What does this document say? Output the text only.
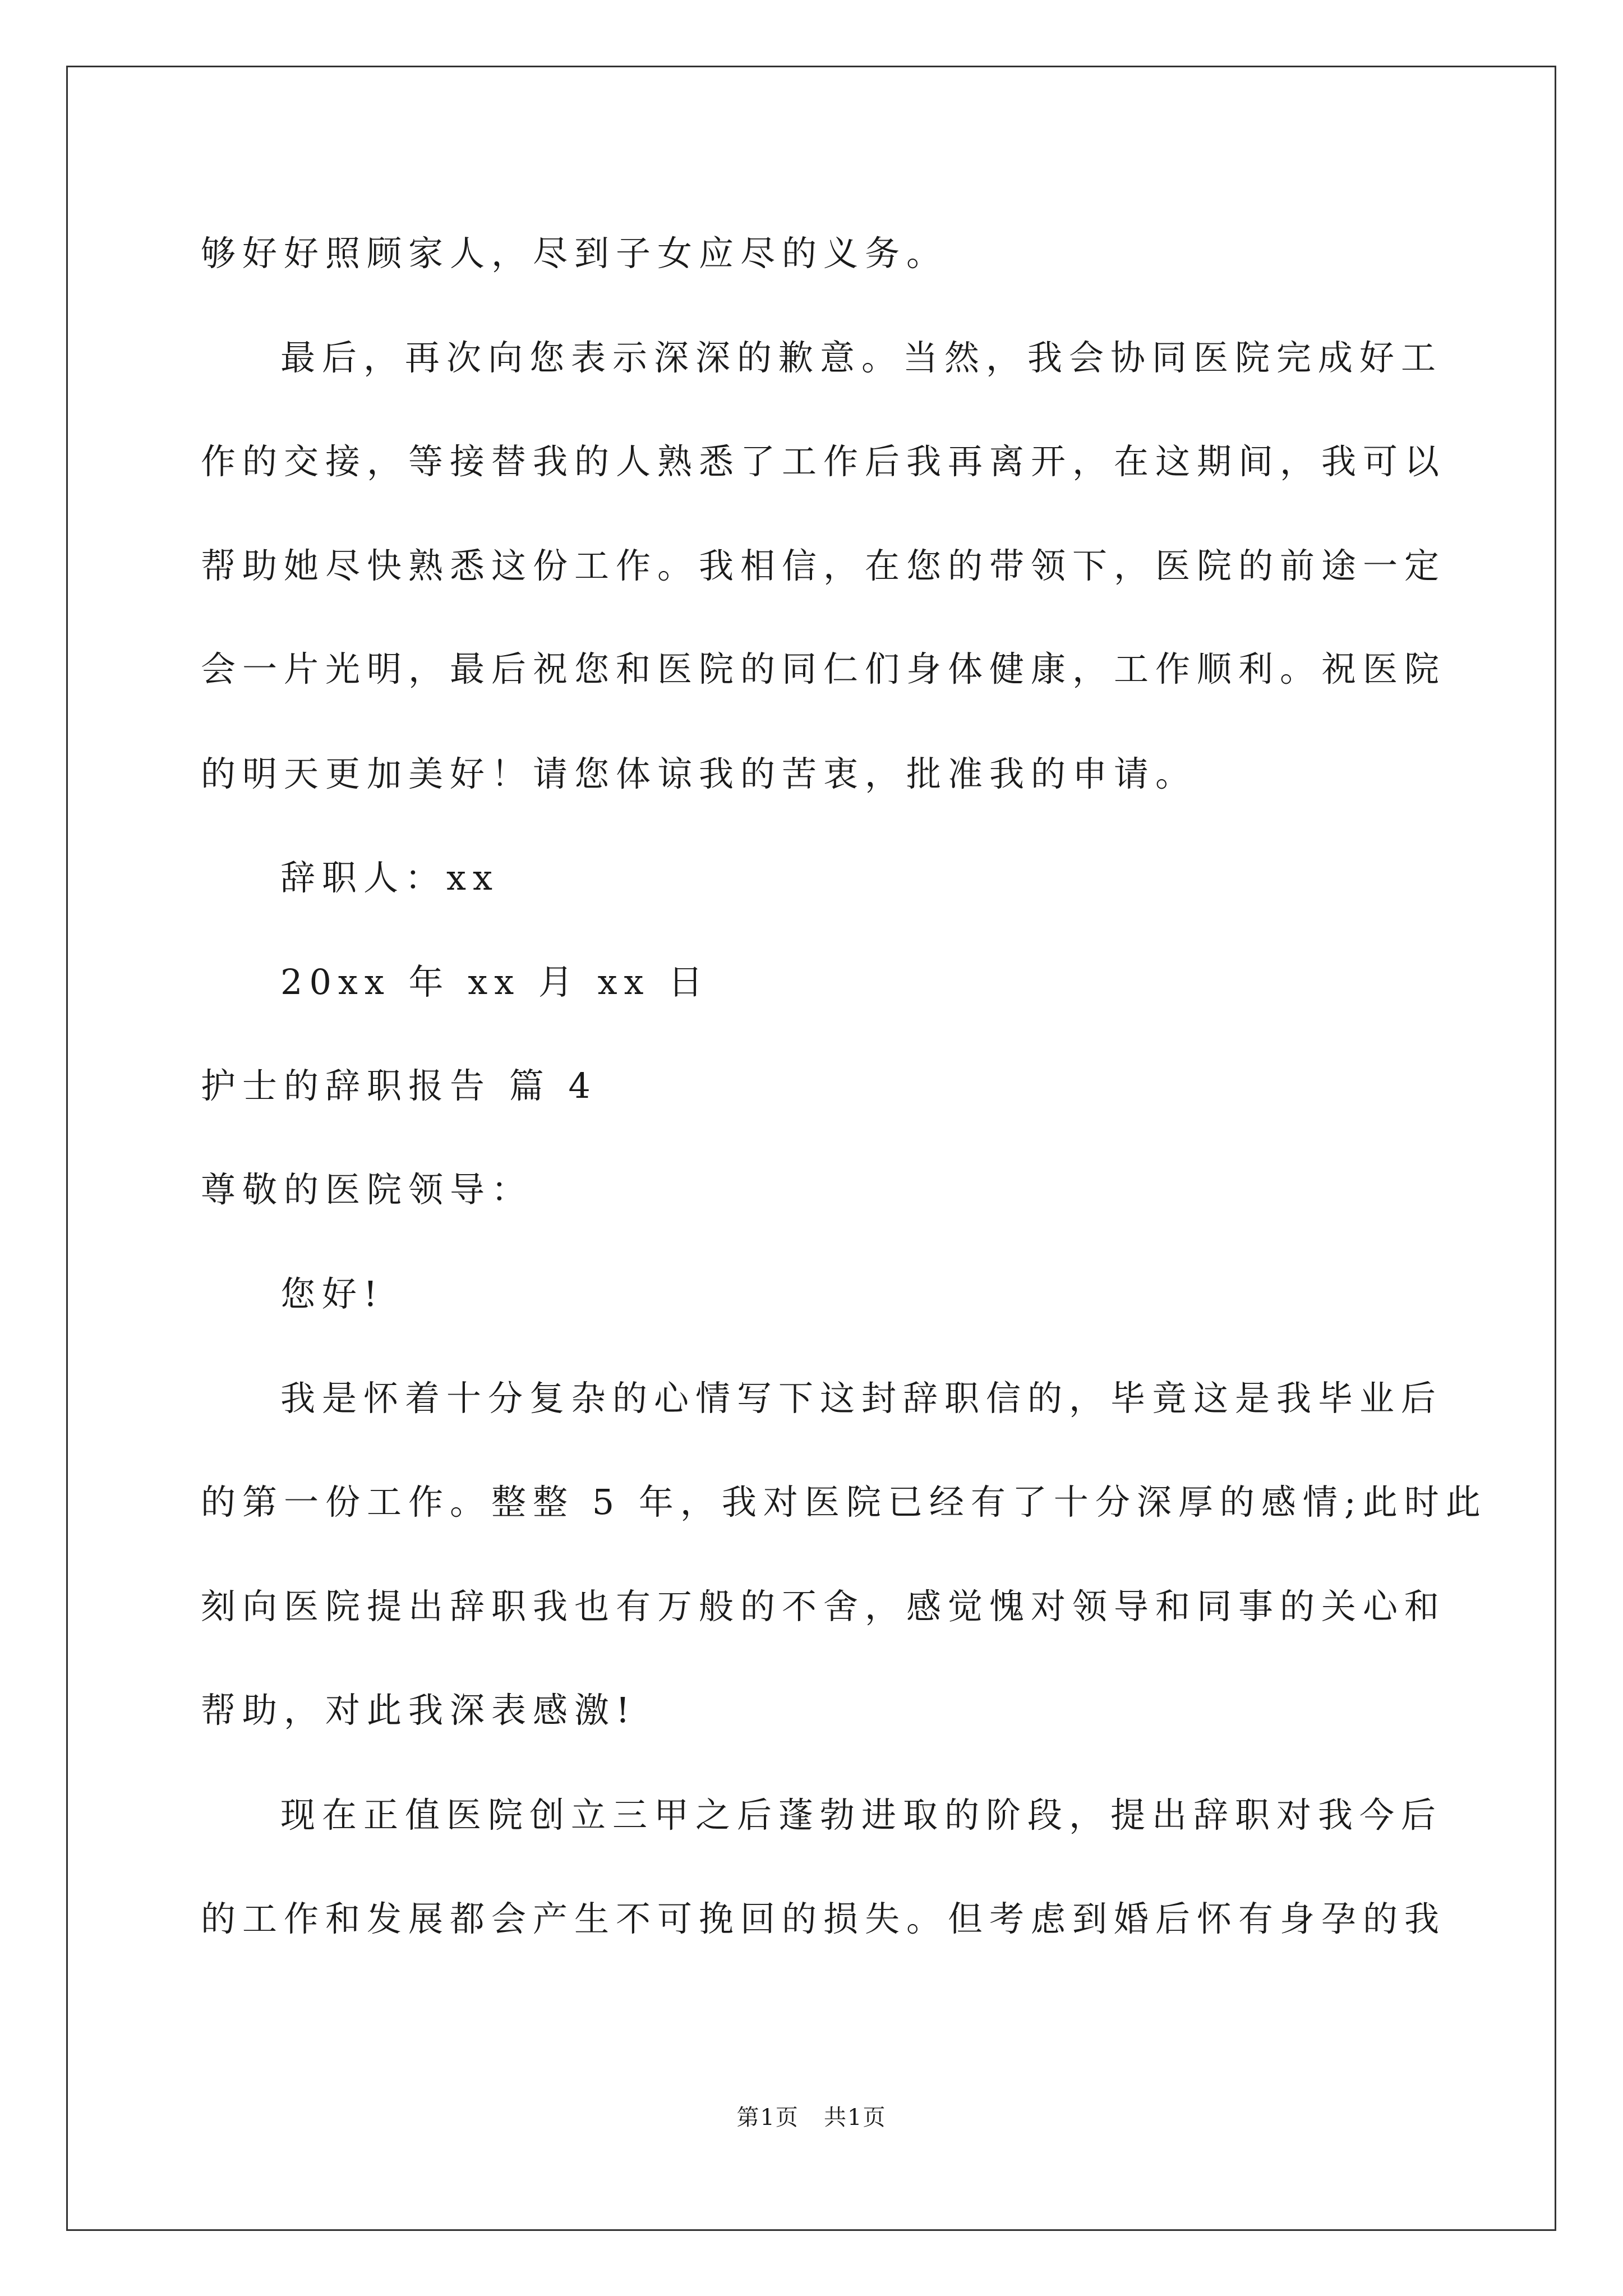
够好好照顾家人，尽到子女应尽的义务。
最后，再次向您表示深深的歉意。当然，我会协同医院完成好工
作的交接，等接替我的人熟悉了工作后我再离开，在这期间，我可以
帮助她尽快熟悉这份工作。我相信，在您的带领下，医院的前途一定
会一片光明，最后祝您和医院的同仁们身体健康，工作顺利。祝医院
的明天更加美好！请您体谅我的苦衷，批准我的申请。
辞职人：xx
20xx 年 xx 月 xx 日
护士的辞职报告 篇 4
尊敬的医院领导：
您好!
我是怀着十分复杂的心情写下这封辞职信的，毕竟这是我毕业后
的第一份工作。整整 5 年，我对医院已经有了十分深厚的感情;此时此
刻向医院提出辞职我也有万般的不舍，感觉愧对领导和同事的关心和
帮助，对此我深表感激!
现在正值医院创立三甲之后蓬勃进取的阶段，提出辞职对我今后
的工作和发展都会产生不可挽回的损失。但考虑到婚后怀有身孕的我
第1页   共1页
